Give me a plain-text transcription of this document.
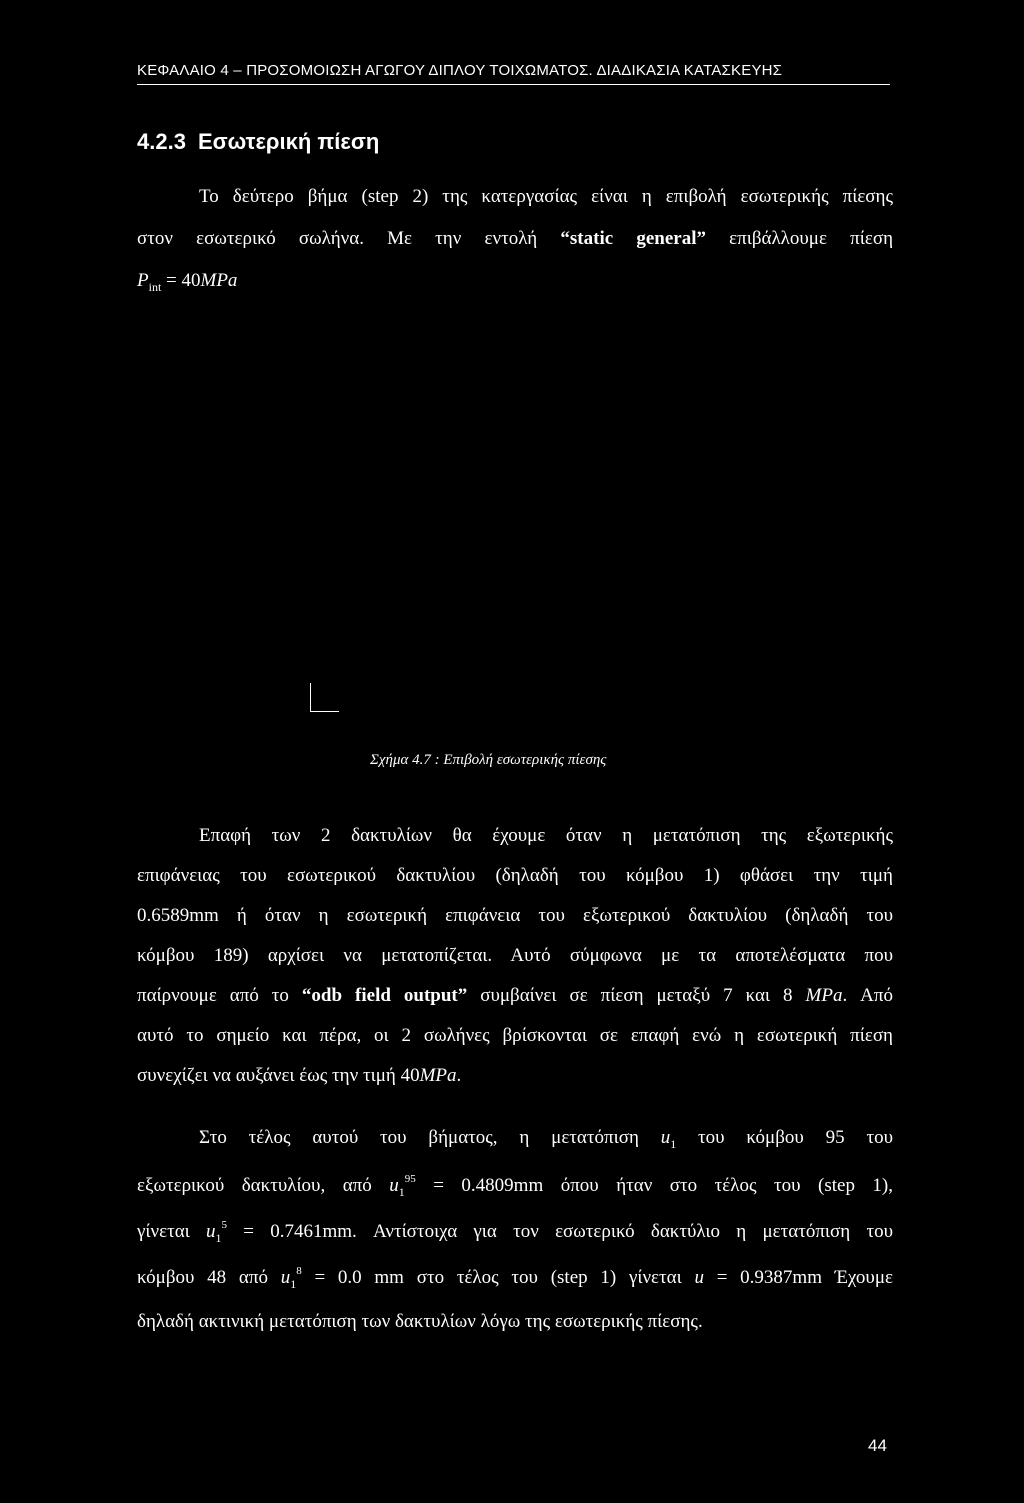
ΚΕΦΑΛΑΙΟ 4 – ΠΡΟΣΟΜΟΙΩΣΗ ΑΓΩΓΟΥ ΔΙΠΛΟΥ ΤΟΙΧΩΜΑΤΟΣ. ΔΙΑΔΙΚΑΣΙΑ ΚΑΤΑΣΚΕΥΗΣ
4.2.3 Εσωτερική πίεση
Το δεύτερο βήμα (step 2) της κατεργασίας είναι η επιβολή εσωτερικής πίεσης
στον εσωτερικό σωλήνα. Με την εντολή “static general” επιβάλλουμε πίεση
$P_{int} = 40MPa$
Σχήμα 4.7 : Επιβολή εσωτερικής πίεσης
Επαφή των 2 δακτυλίων θα έχουμε όταν η μετατόπιση της εξωτερικής
επιφάνειας του εσωτερικού δακτυλίου (δηλαδή του κόμβου 1) φθάσει την τιμή
0.6589mm ή όταν η εσωτερική επιφάνεια του εξωτερικού δακτυλίου (δηλαδή του
κόμβου 189) αρχίσει να μετατοπίζεται. Αυτό σύμφωνα με τα αποτελέσματα που
παίρνουμε από το “odb field output” συμβαίνει σε πίεση μεταξύ 7 και 8 MPa. Από
αυτό το σημείο και πέρα, οι 2 σωλήνες βρίσκονται σε επαφή ενώ η εσωτερική πίεση
συνεχίζει να αυξάνει έως την τιμή 40MPa.
Στο τέλος αυτού του βήματος, η μετατόπιση $u_1$ του κόμβου 95 του
εξωτερικού δακτυλίου, από $u_1^{95} = 0.4809mm$ όπου ήταν στο τέλος του (step 1),
γίνεται $u_1^5 = 0.7461mm$. Αντίστοιχα για τον εσωτερικό δακτύλιο η μετατόπιση του
κόμβου 48 από $u_1^8 = 0.0$ mm στο τέλος του (step 1) γίνεται u = 0.9387mm Έχουμε
δηλαδή ακτινική μετατόπιση των δακτυλίων λόγω της εσωτερικής πίεσης.
44
